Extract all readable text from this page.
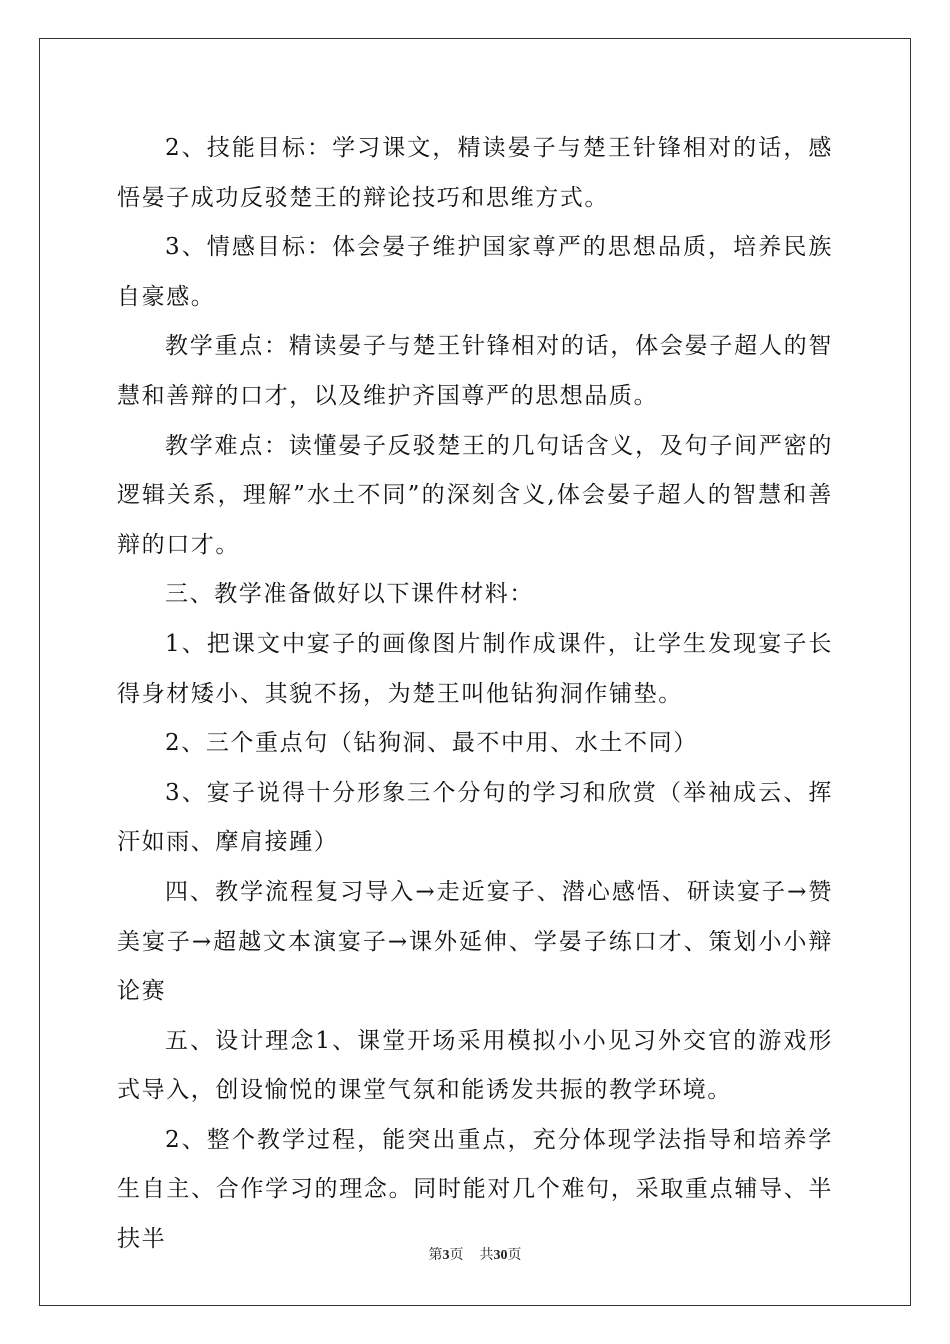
2、技能目标：学习课文，精读晏子与楚王针锋相对的话，感悟晏子成功反驳楚王的辩论技巧和思维方式。

3、情感目标：体会晏子维护国家尊严的思想品质，培养民族自豪感。

教学重点：精读晏子与楚王针锋相对的话，体会晏子超人的智慧和善辩的口才，以及维护齐国尊严的思想品质。

教学难点：读懂晏子反驳楚王的几句话含义，及句子间严密的逻辑关系，理解”水土不同”的深刻含义,体会晏子超人的智慧和善辩的口才。

三、教学准备做好以下课件材料：

1、把课文中宴子的画像图片制作成课件，让学生发现宴子长得身材矮小、其貌不扬，为楚王叫他钻狗洞作铺垫。

2、三个重点句（钻狗洞、最不中用、水土不同）

3、宴子说得十分形象三个分句的学习和欣赏（举袖成云、挥汗如雨、摩肩接踵）

四、教学流程复习导入→走近宴子、潜心感悟、研读宴子→赞美宴子→超越文本演宴子→课外延伸、学晏子练口才、策划小小辩论赛

五、设计理念1、课堂开场采用模拟小小见习外交官的游戏形式导入，创设愉悦的课堂气氛和能诱发共振的教学环境。

2、整个教学过程，能突出重点，充分体现学法指导和培养学生自主、合作学习的理念。同时能对几个难句，采取重点辅导、半扶半

第3页 共30页
